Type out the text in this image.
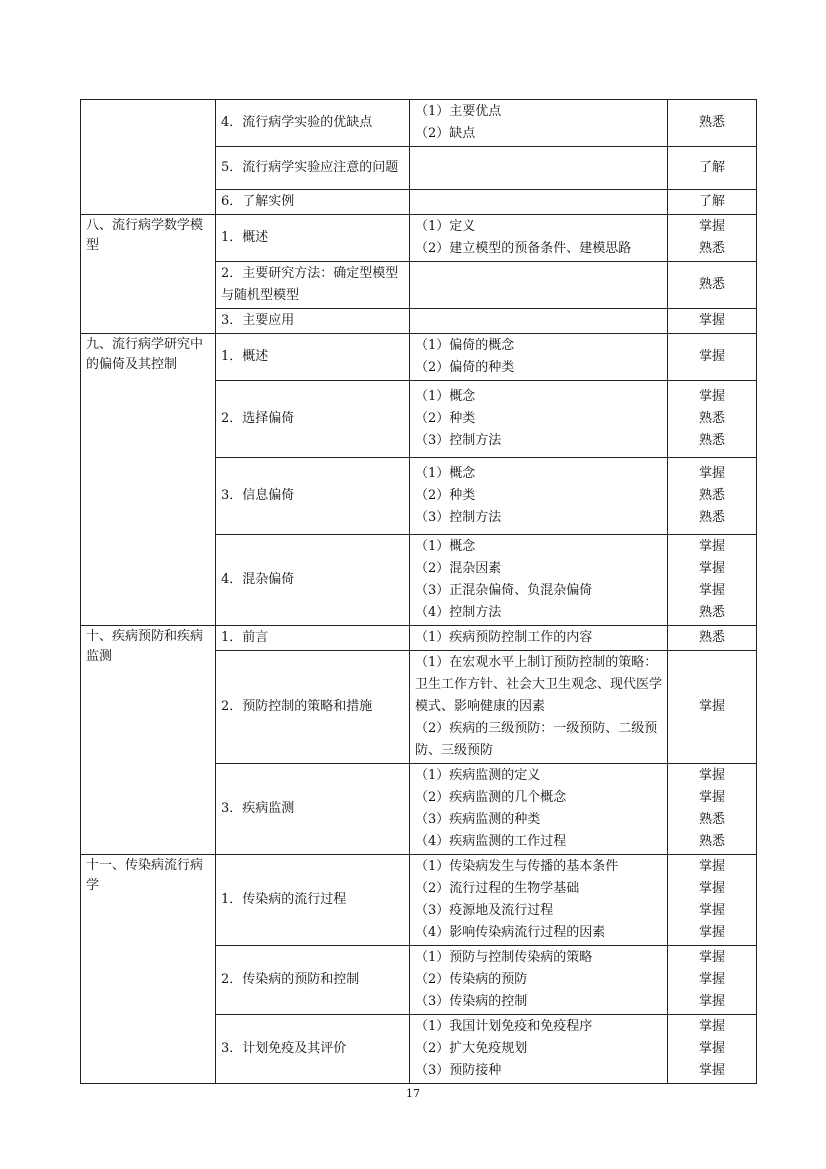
	4．流行病学实验的优缺点	（1）主要优点
（2）缺点	熟悉

	5．流行病学实验应注意的问题		了解

	6．了解实例		了解

八、流行病学数学模型	1．概述	（1）定义
（2）建立模型的预备条件、建模思路	掌握
熟悉

	2．主要研究方法：确定型模型与随机型模型		熟悉

	3．主要应用		掌握

九、流行病学研究中的偏倚及其控制	1．概述	（1）偏倚的概念
（2）偏倚的种类	掌握

	2．选择偏倚	（1）概念
（2）种类
（3）控制方法	掌握
熟悉
熟悉

	3．信息偏倚	（1）概念
（2）种类
（3）控制方法	掌握
熟悉
熟悉

	4．混杂偏倚	（1）概念
（2）混杂因素
（3）正混杂偏倚、负混杂偏倚
（4）控制方法	掌握
掌握
掌握
熟悉

十、疾病预防和疾病监测	1．前言	（1）疾病预防控制工作的内容	熟悉

	2．预防控制的策略和措施	（1）在宏观水平上制订预防控制的策略：卫生工作方针、社会大卫生观念、现代医学模式、影响健康的因素
（2）疾病的三级预防：一级预防、二级预防、三级预防	掌握

	3．疾病监测	（1）疾病监测的定义
（2）疾病监测的几个概念
（3）疾病监测的种类
（4）疾病监测的工作过程	掌握
掌握
熟悉
熟悉

十一、传染病流行病学	1．传染病的流行过程	（1）传染病发生与传播的基本条件
（2）流行过程的生物学基础
（3）疫源地及流行过程
（4）影响传染病流行过程的因素	掌握
掌握
掌握
掌握

	2．传染病的预防和控制	（1）预防与控制传染病的策略
（2）传染病的预防
（3）传染病的控制	掌握
掌握
掌握

	3．计划免疫及其评价	（1）我国计划免疫和免疫程序
（2）扩大免疫规划
（3）预防接种	掌握
掌握
掌握
17
